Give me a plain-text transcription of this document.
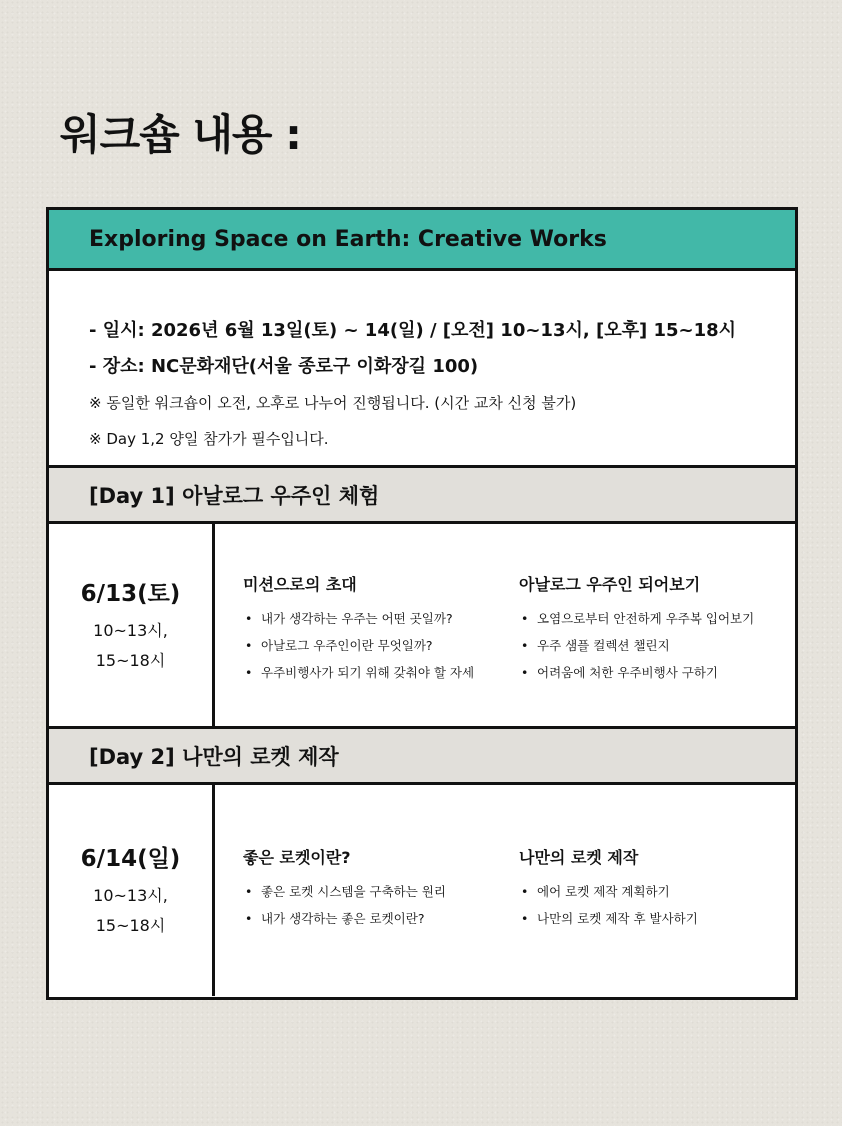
워크숍 내용 :
Exploring Space on Earth: Creative Works
- 일시: 2026년 6월 13일(토) ~ 14(일) / [오전] 10~13시, [오후] 15~18시
- 장소: NC문화재단(서울 종로구 이화장길 100)
※ 동일한 워크숍이 오전, 오후로 나누어 진행됩니다. (시간 교차 신청 불가)
※ Day 1,2 양일 참가가 필수입니다.
[Day 1] 아날로그 우주인 체험
6/13(토)
10~13시,
15~18시
미션으로의 초대
• 내가 생각하는 우주는 어떤 곳일까?
• 아날로그 우주인이란 무엇일까?
• 우주비행사가 되기 위해 갖춰야 할 자세
아날로그 우주인 되어보기
• 오염으로부터 안전하게 우주복 입어보기
• 우주 샘플 컬렉션 챌린지
• 어려움에 처한 우주비행사 구하기
[Day 2] 나만의 로켓 제작
6/14(일)
10~13시,
15~18시
좋은 로켓이란?
• 좋은 로켓 시스템을 구축하는 원리
• 내가 생각하는 좋은 로켓이란?
나만의 로켓 제작
• 에어 로켓 제작 계획하기
• 나만의 로켓 제작 후 발사하기
